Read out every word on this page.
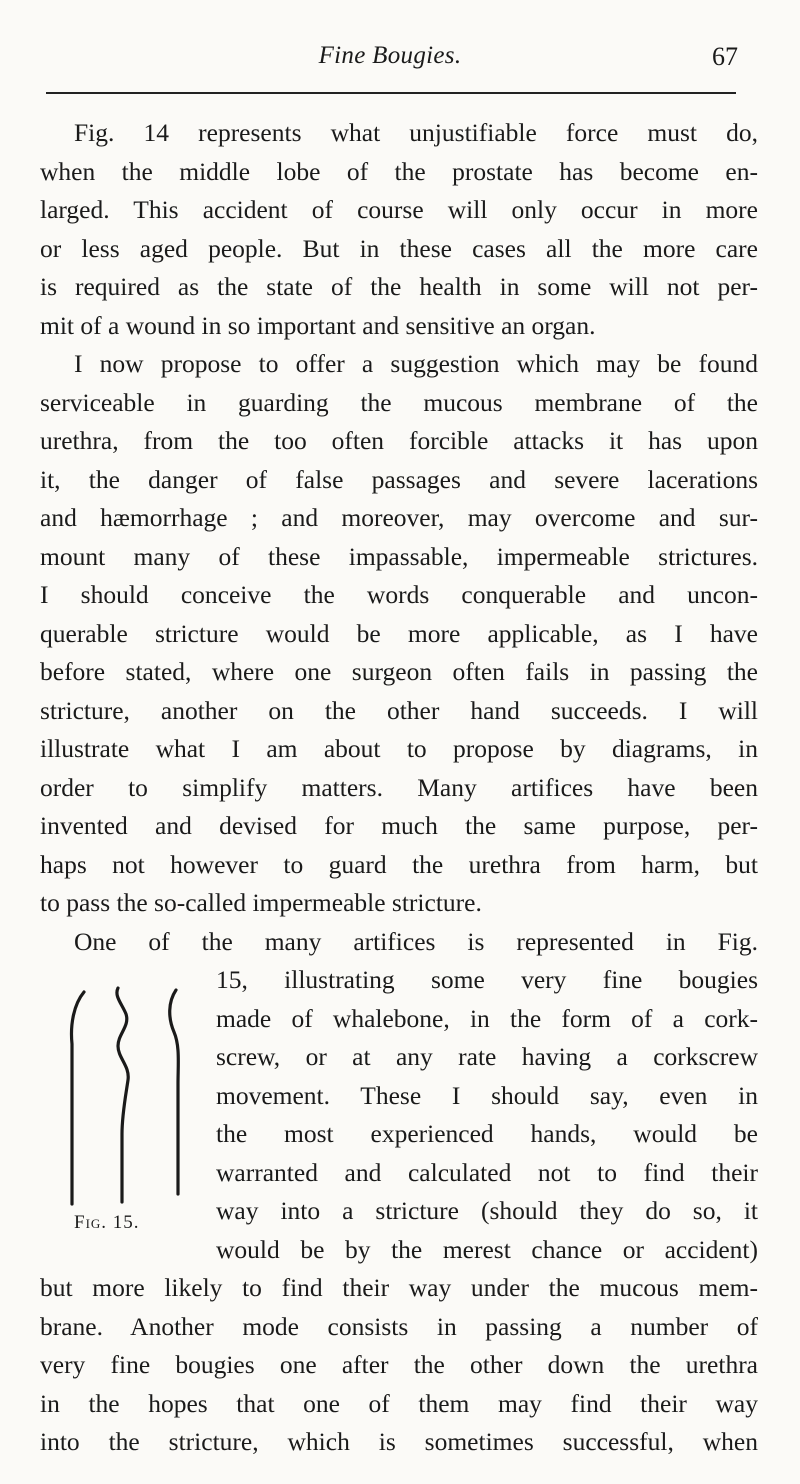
Fine Bougies.	67
Fig. 14 represents what unjustifiable force must do,
when the middle lobe of the prostate has become en-
larged. This accident of course will only occur in more
or less aged people. But in these cases all the more care
is required as the state of the health in some will not per-
mit of a wound in so important and sensitive an organ.
I now propose to offer a suggestion which may be found
serviceable in guarding the mucous membrane of the
urethra, from the too often forcible attacks it has upon
it, the danger of false passages and severe lacerations
and hæmorrhage ; and moreover, may overcome and sur-
mount many of these impassable, impermeable strictures.
I should conceive the words conquerable and uncon-
querable stricture would be more applicable, as I have
before stated, where one surgeon often fails in passing the
stricture, another on the other hand succeeds. I will
illustrate what I am about to propose by diagrams, in
order to simplify matters. Many artifices have been
invented and devised for much the same purpose, per-
haps not however to guard the urethra from harm, but
to pass the so-called impermeable stricture.
One of the many artifices is represented in Fig.
15, illustrating some very fine bougies
made of whalebone, in the form of a cork-
screw, or at any rate having a corkscrew
movement. These I should say, even in
the most experienced hands, would be
warranted and calculated not to find their
way into a stricture (should they do so, it
would be by the merest chance or accident)
but more likely to find their way under the mucous mem-
brane. Another mode consists in passing a number of
very fine bougies one after the other down the urethra
in the hopes that one of them may find their way
into the stricture, which is sometimes successful, when
Fig. 15.
